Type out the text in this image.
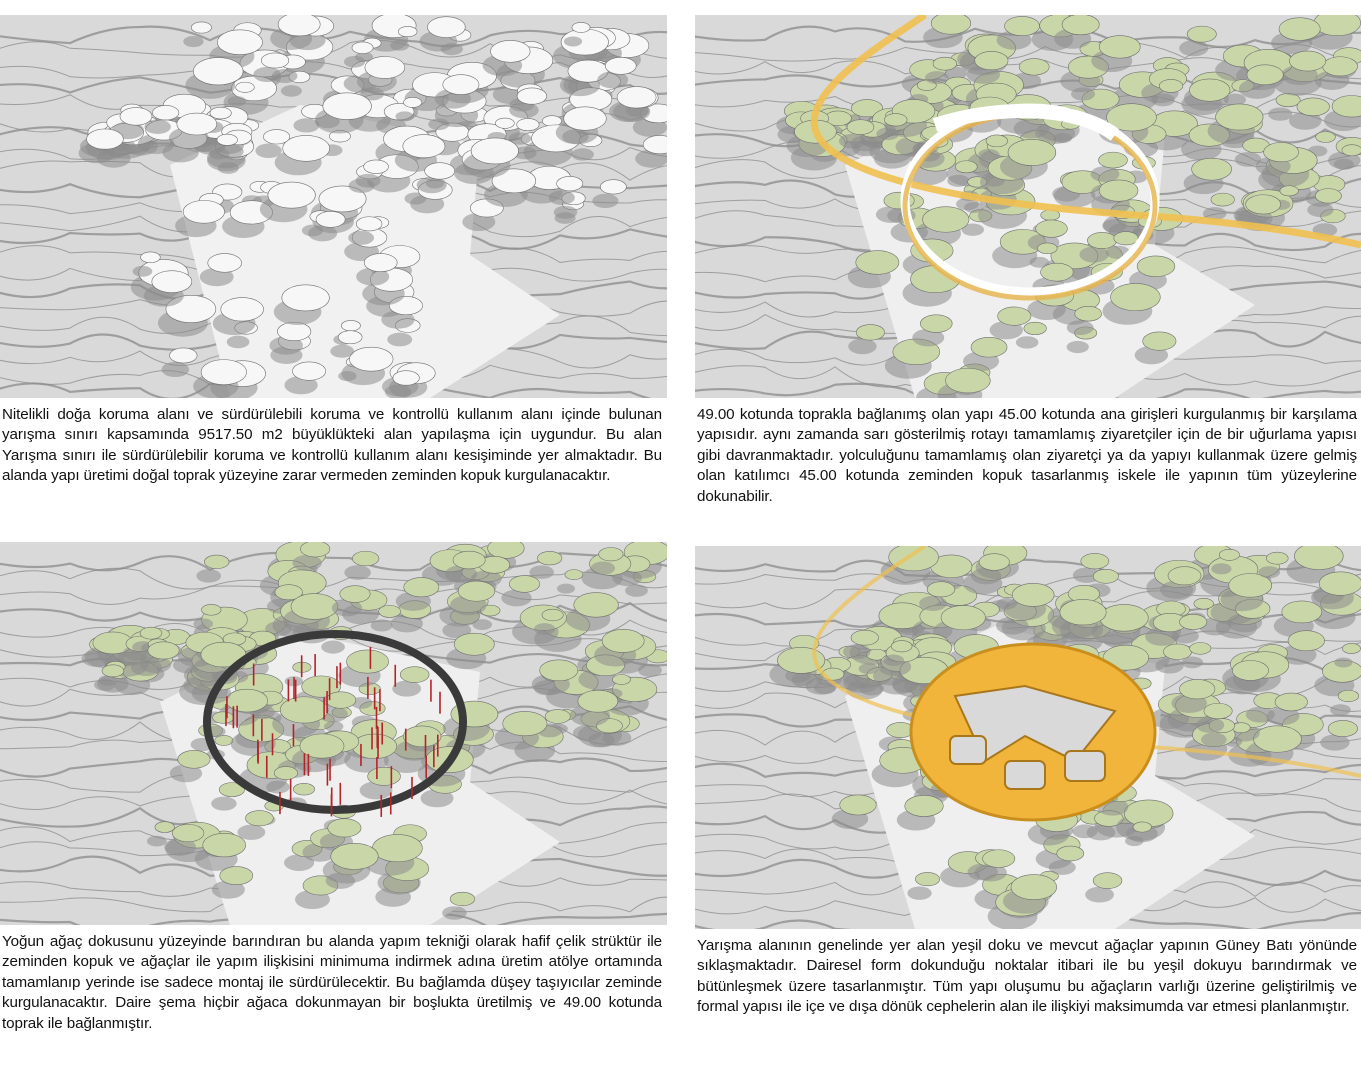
Nitelikli doğa koruma alanı ve sürdürülebili koruma ve kontrollü kullanım alanı içinde bulunan yarışma sınırı kapsamında 9517.50 m2 büyüklükteki alan yapılaşma için uygundur. Bu alan Yarışma sınırı ile sürdürülebilir koruma ve kontrollü kullanım alanı kesişiminde yer almaktadır. Bu alanda yapı üretimi doğal toprak yüzeyine zarar vermeden zeminden kopuk kurgulanacaktır.
49.00 kotunda toprakla bağlanımş olan yapı 45.00 kotunda ana girişleri kurgulanmış bir karşılama yapısıdır. aynı zamanda sarı gösterilmiş rotayı tamamlamış ziyaretçiler için de bir uğurlama yapısı gibi davranmaktadır. yolculuğunu tamamlamış olan ziyaretçi ya da yapıyı kullanmak üzere gelmiş olan katılımcı 45.00 kotunda zeminden kopuk tasarlanmış iskele ile yapının tüm yüzeylerine dokunabilir.
Yoğun ağaç dokusunu yüzeyinde barındıran bu alanda yapım tekniği olarak hafif çelik strüktür ile zeminden kopuk ve ağaçlar ile yapım ilişkisini minimuma indirmek adına üretim atölye ortamında tamamlanıp yerinde ise sadece montaj ile sürdürülecektir. Bu bağlamda düşey taşıyıcılar zeminde kurgulanacaktır. Daire şema hiçbir ağaca dokunmayan bir boşlukta üretilmiş ve 49.00 kotunda toprak ile bağlanmıştır.
Yarışma alanının genelinde yer alan yeşil doku ve mevcut ağaçlar yapının Güney Batı yönünde sıklaşmaktadır. Dairesel form dokunduğu noktalar itibari ile bu yeşil dokuyu barındırmak ve bütünleşmek üzere tasarlanmıştır. Tüm yapı oluşumu bu ağaçların varlığı üzerine geliştirilmiş ve formal yapısı ile içe ve dışa dönük cephelerin alan ile ilişkiyi maksimumda var etmesi planlanmıştır.
